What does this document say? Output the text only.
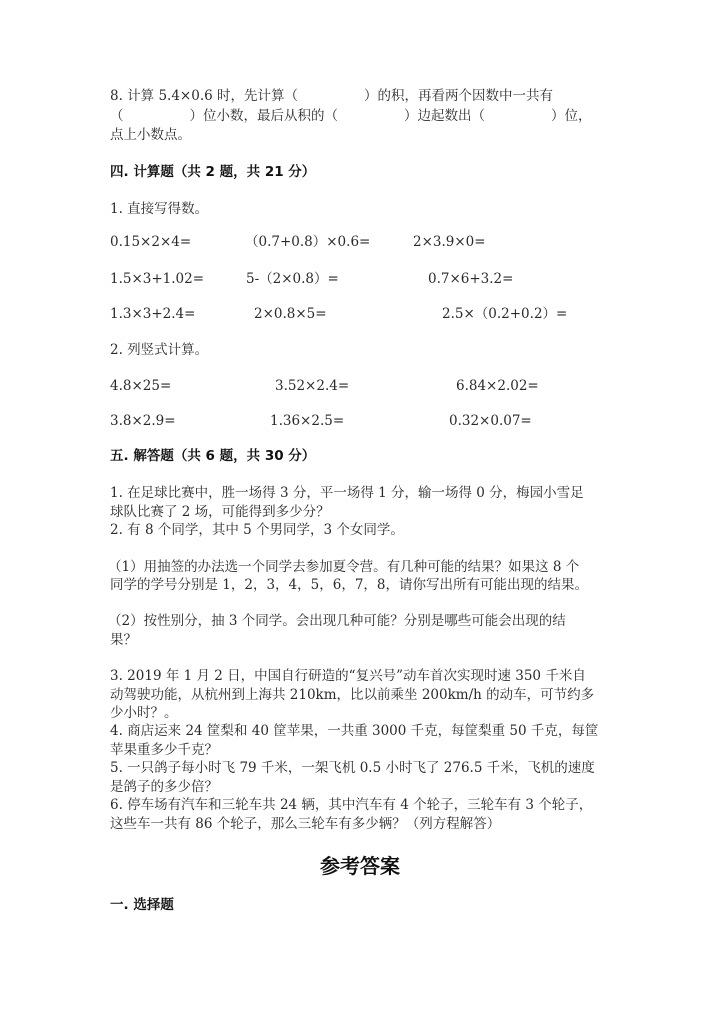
8. 计算 5.4×0.6 时，先计算（	）的积，再看两个因数中一共有
（	）位小数，最后从积的（	）边起数出（	）位，
点上小数点。
四. 计算题（共 2 题，共 21 分）
1. 直接写得数。
0.15×2×4=	（0.7+0.8）×0.6=	2×3.9×0=
1.5×3+1.02=	5-（2×0.8）=	0.7×6+3.2=
1.3×3+2.4=	2×0.8×5=	2.5×（0.2+0.2）=
2. 列竖式计算。
4.8×25=	3.52×2.4=	6.84×2.02=
3.8×2.9=	1.36×2.5=	0.32×0.07=
五. 解答题（共 6 题，共 30 分）
1. 在足球比赛中，胜一场得 3 分，平一场得 1 分，输一场得 0 分，梅园小雪足
球队比赛了 2 场，可能得到多少分？
2. 有 8 个同学，其中 5 个男同学，3 个女同学。
（1）用抽签的办法选一个同学去参加夏令营。有几种可能的结果？如果这 8 个
同学的学号分别是 1，2，3，4，5，6，7，8，请你写出所有可能出现的结果。
（2）按性别分，抽 3 个同学。会出现几种可能？分别是哪些可能会出现的结
果？
3. 2019 年 1 月 2 日，中国自行研造的“复兴号”动车首次实现时速 350 千米自
动驾驶功能，从杭州到上海共 210km，比以前乘坐 200km/h 的动车，可节约多
少小时？。
4. 商店运来 24 筐梨和 40 筐苹果，一共重 3000 千克，每筐梨重 50 千克，每筐
苹果重多少千克？
5. 一只鸽子每小时飞 79 千米，一架飞机 0.5 小时飞了 276.5 千米，飞机的速度
是鸽子的多少倍？
6. 停车场有汽车和三轮车共 24 辆，其中汽车有 4 个轮子，三轮车有 3 个轮子，
这些车一共有 86 个轮子，那么三轮车有多少辆？（列方程解答）
参考答案
一. 选择题
